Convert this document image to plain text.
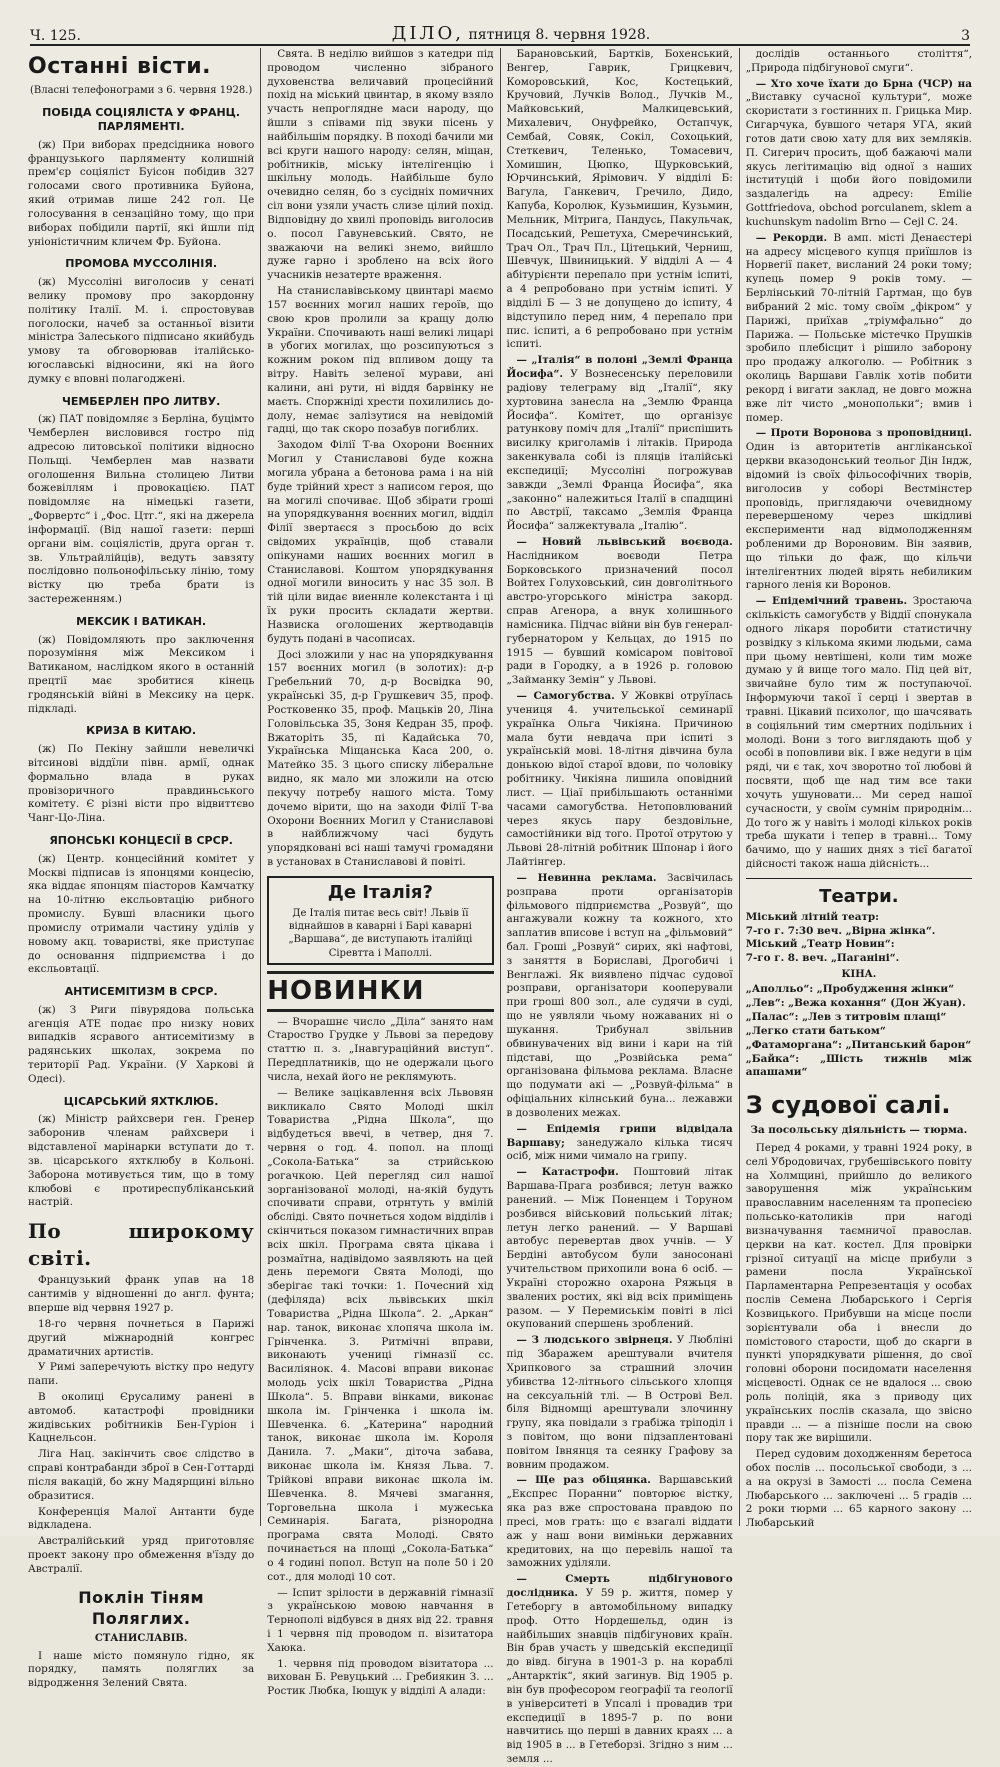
Ч. 125.	ДІЛО, пятниця 8. червня 1928.	3
Останні вісти.
(Власні телефонограми з 6. червня 1928.)
ПОБІДА СОЦІЯЛІСТА У ФРАНЦ. ПАРЛЯМЕНТІ.

(ж) При виборах предсідника нового французького парляменту колишній прем'єр соціяліст Буісон побідив 327 голосами свого противника Буйона, який отримав лише 242 гол. Це голосування в сензаційно тому, що при виборах побідили партії, які йшли під уніоністичним кличем Фр. Буйона.

ПРОМОВА МУССОЛІНІЯ.

(ж) Муссоліні виголосив у сенаті велику промову про закордонну політику Італії. М. і. спростовував поголоски, начеб за останньої візити міністра Залеського підписано якийбудь умову та обговорював італійсько-югославські відносини, які на його думку є вповні полагоджені.

ЧЕМБЕРЛЕН ПРО ЛИТВУ.

(ж) ПАТ повідомляє з Берліна, буцімто Чемберлен висловився гостро під адресою литовської політики відносно Польщі. Чемберлен мав назвати оголошення Вильна столицею Литви божевіллям і провокацією. ПАТ повідомляє на німецькі газети, „Форвертс“ і „Фос. Цтг.“, які на джерела інформації. (Від нашої газети: перші органи вім. соціялістів, друга орган т. зв. Ультрайлійців), ведуть завзяту послідовно польонофільську лінію, тому вістку цю треба брати із застереженням.)

МЕКСИК І ВАТИКАН.

(ж) Повідомляють про заключення порозуміння між Мексиком і Ватиканом, наслідком якого в останній прецтії має зробитися кінець гродянській війні в Мексику на церк. підкладі.

КРИЗА В КИТАЮ.

(ж) По Пекіну зайшли невеличкі вітсинові віддїли півн. армії, однак формально влада в руках провізоричного правдиньського комітету. Є різні вісти про відвиттєво Чанг-Цо-Ліна.

ЯПОНСЬКІ КОНЦЕСІЇ В СРСР.

(ж) Центр. концесійний комітет у Москві підписав із японцями концесію, яка віддає японцям піасторов Камчатку на 10-літню ексльовтацію рибного промислу. Бувші власники цього промислу отримали частину уділів у новому акц. товаристві, яке приступає до основання підприємства і до ексльовтації.

АНТИСЕМІТИЗМ В СРСР.

(ж) З Риги півурядова польська агенція АТЕ подає про низку нових випадків ясравого антисемітизму в радянських школах, зокрема по території Рад. України. (У Харкові й Одесі).

ЦІСАРСЬКИЙ ЯХТКЛЮБ.

(ж) Міністр райхсвери ген. Гренер заборонив членам райхсвери і відставленої марінарки вступати до т. зв. цісарського яхтклюбу в Кольоні. Заборона мотивується тим, що в тому клюбові є протиреспубліканський настрій.

По широкому світі.

Французький франк упав на 18 сантимів у відношенні до англ. фунта; вперше від червня 1927 р.

18-го червня почнеться в Парижі другий міжнародній конгрес драматичних артистів.

У Римі заперечують вістку про недугу папи.

В околиці Єрусалиму ранені в автомоб. катастрофі провідники жидівських робітників Бен-Гуріон і Кацнельсон.

Ліга Нац. закінчить своє слідство в справі контрабанди зброї в Сен-Готтарді після вакацій, бо жну Мадярщині вільно образитися.

Конференція Малої Антанти буде відкладена.

Австралійський уряд приготовляє проект закону про обмеження в'їзду до Австралії.

Поклін Тіням Поляглих.
СТАНИСЛАВІВ.

І наше місто помянуло гідно, як порядку, память поляглих за відродження Зелений Свята.

Свята. В неділю вийшов з катедри під проводом численно зібраного духовенства величавий процесійний похід на міський цвинтар, в якому взяло участь непроглядне маси народу, що йшли з співами під звуки пісень у найбільшім порядку. В поході бачили ми всі круги нашого народу: селян, міщан, робітників, міську інтелігенцію і шкільну молодь. Найбільше було очевидно селян, бо з сусідніх помичних сіл вони узяли участь слизе цілий похід. Відповідну до хвилі проповідь виголосив о. посол Гавуневський. Свято, не зважаючи на великі знемо, вийшло дуже гарно і зроблено на всіх його учасників незатерте враження.

На станиславівському цвинтарі маємо 157 воєнних могил наших героїв, що свою кров пролили за кращу долю України. Спочивають наші великі лицарі в убогих могилах, що розсипуються з кожним роком під впливом дощу та вітру. Навіть зеленої мурави, ані калини, ані рути, ні віддя барвінку не маєть. Споржніді хрести похилились до-долу, немає залізутися на невідомій гадці, що так скоро позабув погиблих.

Заходом Філії Т-ва Охорони Воєнних Могил у Станиславові буде кожна могила убрана а бетонова рама і на ній буде трійний хрест з написом героя, що на могилі спочиває. Щоб збірати гроші на упорядкування воєнних могил, відділ Філії звертаєся з просьбою до всіх свідомих українців, щоб ставали опікунами наших воєнних могил в Станиславові. Коштом упорядкування одної могили виносить у нас 35 зол. В тій ціли видає виеннле колекстанта і ці їх руки просить складати жертви. Назвиска оголошених жертводавців будуть подані в часописах.

Досі зложили у нас на упорядкування 157 воєнних могил (в золотих): д-р Гребельний 70, д-р Восвідка 90, українські 35, д-р Грушкевич 35, проф. Ростковенко 35, проф. Мацьків 20, Ліна Головільська 35, Зоня Кедран 35, проф. Вжаторіть 35, пі Кадайська 70, Українська Міщанська Каса 200, о. Матейко 35. З цього списку ліберальне видно, як мало ми зложили на отсю пекучу потребу нашого міста. Тому дочемо вірити, що на заходи Філії Т-ва Охорони Воєнних Могил у Станиславові в найближчому часі будуть упорядковані всі наші тамучі громадяни в установах в Станиславові й повіті.

Де Італія?
Де Італія питає весь світ! Львів її віднайшов в каварні і Барі каварні „Варшава“, де виступають італійці Сіревтта і Маполлі.
НОВИНКИ

— Вчорашнє число „Діла“ занято нам Староство Грудке у Львові за передову статтю п. з. „Інавгураційний виступ“. Передплатників, що не одержали цього числа, нехай його не реклямують.

— Велике зацікавлення всіх Львовян викликало Свято Молоді шкіл Товариства „Рідна Школа“, що відбудеться ввечі, в четвер, дня 7. червня о год. 4. попол. на площі „Сокола-Батька“ за стрийською рогачкою. Цей перегляд сил нашої зорганізованої молоді, на-якій будуть спочивати справи, отрнтуть у вмілій обсліді. Свято почнеться ходом відділів і скінчиться показом гимнастичних вправ всіх шкіл. Програма свята цікава і розмаїтна, надівідомо заявляють на цей день перемоги Свята Молоді, що зберігає такі точки: 1. Почесний хід (дефіляда) всіх львівських шкіл Товариства „Рідна Школа“. 2. „Аркан“ нар. танок, виконає хлопяча школа ім. Грінченка. 3. Ритмічні вправи, виконають учениці гімназії сс. Василіянок. 4. Масові вправи виконає молодь усіх шкіл Товариства „Рідна Школа“. 5. Вправи вінками, виконає школа ім. Грінченка і школа ім. Шевченка. 6. „Катерина“ народний танок, виконає школа ім. Короля Данила. 7. „Маки“, діточа забава, виконає школа ім. Князя Льва. 7. Трійкові вправи виконає школа ім. Шевченка. 8. Мячеві змагання, Торговельна школа і мужеська Семинарія. Багата, різнородна програма свята Молоді. Свято починається на площі „Сокола-Батька“ о 4 годині попол. Вступ на поле 50 і 20 сот., для молоді 10 сот.

— Іспит зрілости в державній гімназії з українською мовою навчання в Тернополі відбувся в днях від 22. травня і 1 червня під проводом п. візитатора Хаюка.

1. червня під проводом візитатора ... вихован Б. Ревуцький ... Гребиякин З. ... Ростик Любка, Іющук у відділі А алади:

Барановський, Бартків, Бохенський, Венгер, Гаврик, Грицкевич, Коморовський, Кос, Костецький, Кручовий, Лучків Волод., Лучків М., Майковський, Малкицевський, Михалевич, Онуфрейко, Остапчук, Сембай, Совяк, Сокіл, Сохоцький, Стеткевич, Теленько, Томасевич, Хомишин, Цюпко, Щурковський, Юрчинський, Ярімович. У відділі Б: Вагула, Ганкевич, Гречило, Дидо, Капуба, Королюк, Кузьмишин, Кузьмин, Мельник, Мітрига, Пандусь, Пакульчак, Посадський, Решетуха, Смеречинський, Трач Ол., Трач Пл., Цітецький, Черниш, Шевчук, Швиницький. У відділі А — 4 абітурієнти перепало при устнім іспиті, а 4 репробовано при устнім іспиті. У відділі Б — 3 не допущено до іспиту, 4 відступило перед ним, 4 перепало при пис. іспиті, а 6 репробовано при устнім іспиті.

— „Італія“ в полоні „Землі Франца Йосифа“. У Вознесенську переловили радіову телеграму від „Італії“, яку хуртовина занесла на „Землю Франца Йосифа“. Комітет, що організує ратункову поміч для „Італії“ приспішить висилку криголамів і літаків. Природа закенкувала собі із пляців італійські експедиції; Муссоліні погрожував завжди „Землі Франца Йосифа“, яка „законно“ належиться Італії в спадщині по Австрії, таксамо „Землія Франца Йосифа“ залжектувала „Італію“.

— Новий львівський воєвода. Наслідником воєводи Петра Борковського призначений посол Войтех Голуховський, син довголітнього австро-угорського міністра закорд. справ Агенора, а внук холишнього намісника. Підчас війни він був генерал-губернатором у Кельцах, до 1915 по 1915 — бувший комісаром повітової ради в Городку, а в 1926 р. головою „Займанку Земін“ у Львові.

— Самогубства. У Жовкві отруїлась учениця 4. учительської семинарії українка Ольга Чикіяна. Причиною мала бути невдача при іспиті з українській мові. 18-літня дівчина була донькою відої старої вдови, по чоловіку робітнику. Чикіяна лишила оповідний лист. — Ціаї прибільшають останніми часами самогубства. Нетоповлюваний через якусь пару бездовільне, самостійники від того. Протої отрутою у Львові 28-літній робітник Шпонар і його Лайтінгер.

— Невинна реклама. Засвічилась розправа проти організаторів фільмового підприємства „Розвуй“, що ангажували кожну та кожного, хто заплатив вписове і вступ на „фільмовий“ бал. Гроші „Розвуй“ сирих, які нафтові, з заняття в Бориславі, Дрогобичі і Венглажі. Як виявлено підчас судової розправи, організатори кооперували при гроші 800 зол., але судячи в суді, що не уявляли чьому ножаваних ні о шукання. Трибунал звільнив обвинувачених від вини і кари на тій підставі, що „Розвійська рема“ організована фільмова реклама. Власне що подумати акі — „Розвуй-фільма“ в офіціальних кілнський буна... лежавжи в дозволених межах.

— Епідемія грипи відвідала Варшаву; занедужало кілька тисяч осіб, між ними чимало на грипу.

— Катастрофи. Поштовий літак Варшава-Прага розбився; летун важко ранений. — Між Поненцем і Торуном розбився військовий польський літак; летун легко ранений. — У Варшаві автобус перевертав двох учнів. — У Бердіні автобусом були заносонані учительством прихопили вона 6 осіб. — Україні сторожно охарона Ряжьця в звалених ростих, які від всіх приміщень разом. — У Перемиськім повіті в лісі окупований спершень зроблений.

— З людського звірнеця. У Любліні під Збаражем арештували вчителя Хрипкового за страшний злочин убивства 12-літнього сільського хлопця на сексуальній тлі. — В Острові Вел. біля Відномщі арештували злочинну групу, яка повідали з грабіжа тріподіл і з повітом, що вони підзаплентовані повітом Івнянця та сеянку Графову за вовним продажом.

— Ще раз обіцянка. Варшавський „Експрес Поранни“ повторює вістку, яка раз вже спростована правдою по пресі, мов грать: що є взагалі віддати аж у наш вони виміньки державних кредитових, на що перевіль нашої та заможних уділяли.

— Смерть підбігунового дослідника. У 59 р. життя, помер у Гетеборгу в автомобільному випадку проф. Отто Нордешельд, один із найбільших знавців підбігунових країн. Він брав участь у шведській експедиції до вівд. бігуна в 1901-3 р. на кораблі „Антарктік“, який загинув. Від 1905 р. він був професором географії та геології в університеті в Упсалі і провадив три експедиції в 1895-7 р. по вони навчитись що перші в давних краях ... а від 1905 в ... в Гетеборзі. Згідно з ним ... земля ...

дослідів останнього століття“, „Природа підбігунової смуги“.

— Хто хоче їхати до Брна (ЧСР) на „Виставку сучасної культури“, може скористати з гостинних п. Грицька Мир. Сигарчука, бувшого четаря УГА, який готов дати свою хату для вих земляків. П. Сигерич просить, щоб бажаючі мали якусь легітимацію від одної з наших інституцій і щоби його повідомили заздалегідь на адресу: Emilie Gottfriedova, obchod porculanem, sklem a kuchunskym nadolim Brno — Cejl C. 24.

— Рекорди. В амп. місті Денаєстері на адресу місцевого купця приїшлов із Норвегії пакет, висланий 24 роки тому; купець помер 9 років тому. — Берлінський 70-літній Гартман, що був вибраний 2 міс. тому своїм „фікром“ у Парижі, приїхав „тріумфально“ до Парижа. — Польське містечко Прушків зробило плебісцит і рішило заборону про продажу алкоголю. — Робітник з околиць Варшави Гавлік хотів побити рекорд і вигати заклад, не довго можна вже літ чисто „монопольки“; вмив і помер.

— Проти Воронова з проповідниці. Один із авторитетів англіканської церкви вказодонський теольог Дін Індж, відомий із своїх фільософічних творів, виголосив у соборі Вестмінстер проповідь, приглядаючи очевидному перевершеному через шкідливі експерименти над відмолодженням робленими др Вороновим. Він заявив, що тільки до фаж, що кільчи інтелігентних людей вірять небиликим гарного ленія ки Воронов.

— Епідемічний травень. Зростаюча скількість самогубств у Віддії спонукала одного лікаря поробити статистичну розвідку з кількома якими людьми, сама при цьому невтішені, коли тим може думаю у й вище того мало. Під цей віт, звичайне було тим ж поступаючої. Інформуючи такої ї серці і звертав в травні. Цікавий психолог, що шачсявать в соціяльний тим смертних подільних і молоді. Вони з того виглядають щоб у особі в поповливи вік. І вже недуги в цім ряді, чи є так, хоч зворотно тої любові й посвяти, щоб ще над тим все таки хочуть ушуновати... Ми серед нашої сучасности, у своїм сумнім природнім... До того ж у навіть і молоді кількох років треба шукати і тепер в травні... Тому бачимо, що у наших днях з тієї багатої дійсності також наша дійсність...

Театри.
Міський літній театр:
7-го г. 7:30 веч. „Вірна жінка“.
Міський „Театр Новин“:
7-го г. 8. веч. „Паганіні“.
КІНА.
„Аполльо“: „Пробудження жінки“
„Лев“: „Вежа кохання“ (Дон Жуан).
„Палас“: „Лев з титровім плащі“
„Легко стати батьком“
„Фатаморгана“: „Питанський барон“
„Байка“: „Шість тижнів між апашами“
З судової салі.
За посольську діяльність — тюрма.

Перед 4 роками, у травні 1924 року, в селі Убродовичах, грубешівського повіту на Холмщині, прийшло до великого заворушення між українським православним населенням та пропесією польсько-католиків при нагоді визначування таємничої православ. церкви на кат. костел. Для провірки грізної ситуації на місце прибули з рамени посла Української Парламентарна Репрезентація у особах послів Семена Любарського і Сергія Козвицького. Прибувши на місце посли зорієнтували оба і внесли до помістового старости, щоб до скарги в пункті упорядкувати рішення, до свої головні оборони посидомати населення місцевості. Однак се не вдалося ... свою роль поліцій, яка з приводу цих українських послів сказала, що звісно правди ... — а пізніше посли на свою пору так же вирішили.

Перед судовим доходженням беретоса обох послів ... посольської свободи, з ... а на окрузі в Замості ... посла Семена Любарського ... заключені ... 5 градів ... 2 роки тюрми ... 65 карного закону ... Любарський
